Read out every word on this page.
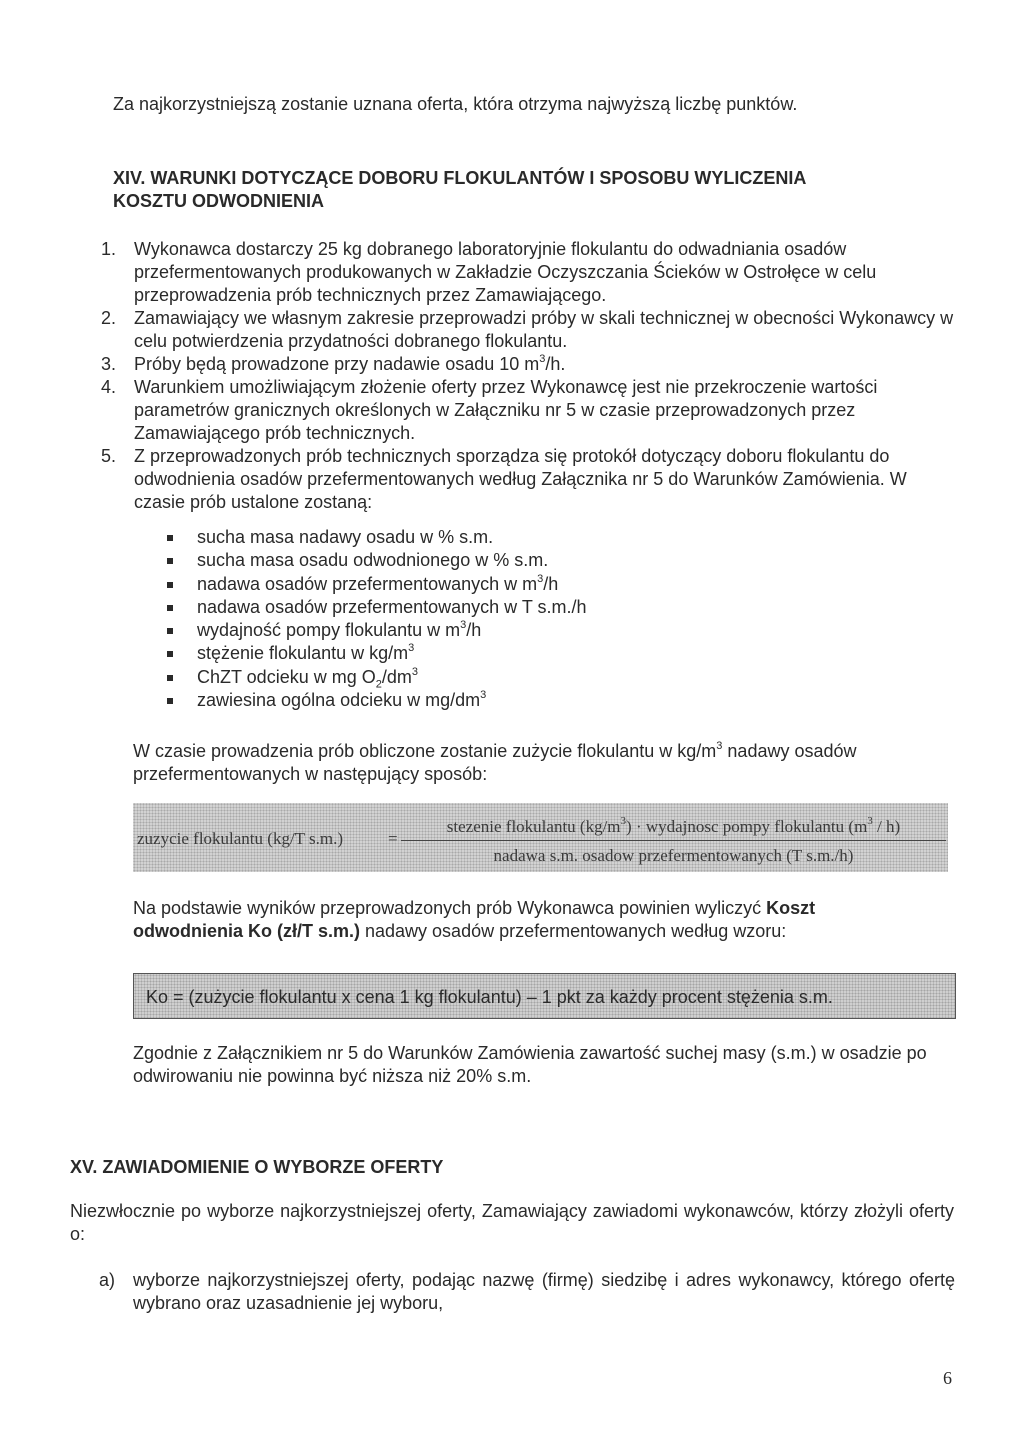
Za najkorzystniejszą zostanie uznana oferta, która otrzyma najwyższą liczbę punktów.
XIV. WARUNKI DOTYCZĄCE DOBORU FLOKULANTÓW I SPOSOBU WYLICZENIA
KOSZTU ODWODNIENIA
1. Wykonawca dostarczy 25 kg dobranego laboratoryjnie flokulantu do odwadniania osadów przefermentowanych produkowanych w Zakładzie Oczyszczania Ścieków w Ostrołęce w celu przeprowadzenia prób technicznych przez Zamawiającego.
2. Zamawiający we własnym zakresie przeprowadzi próby w skali technicznej w obecności Wykonawcy w celu potwierdzenia przydatności dobranego flokulantu.
3. Próby będą prowadzone przy nadawie osadu 10 $m^3/h$.
4. Warunkiem umożliwiającym złożenie oferty przez Wykonawcę jest nie przekroczenie wartości parametrów granicznych określonych w Załączniku nr 5 w czasie przeprowadzonych przez Zamawiającego prób technicznych.
5. Z przeprowadzonych prób technicznych sporządza się protokół dotyczący doboru flokulantu do odwodnienia osadów przefermentowanych według Załącznika nr 5 do Warunków Zamówienia. W czasie prób ustalone zostaną:
sucha masa nadawy osadu w % s.m.
sucha masa osadu odwodnionego w % s.m.
nadawa osadów przefermentowanych w $m^3/h$
nadawa osadów przefermentowanych w T s.m./h
wydajność pompy flokulantu w $m^3/h$
stężenie flokulantu w $kg/m^3$
ChZT odcieku w mg $O_2/dm^3$
zawiesina ogólna odcieku w $mg/dm^3$
W czasie prowadzenia prób obliczone zostanie zużycie flokulantu w $kg/m^3$ nadawy osadów przefermentowanych w następujący sposób:
zuzycie flokulantu (kg/T s.m.)	=
stezenie flokulantu $(kg/m^3)$ · wydajnosc pompy flokulantu $(m^3 / h)$
nadawa s.m. osadow przefermentowanych (T s.m./h)
Na podstawie wyników przeprowadzonych prób Wykonawca powinien wyliczyć Koszt
odwodnienia Ko (zł/T s.m.) nadawy osadów przefermentowanych według wzoru:
Ko = (zużycie flokulantu x cena 1 kg flokulantu) – 1 pkt za każdy procent stężenia s.m.
Zgodnie z Załącznikiem nr 5 do Warunków Zamówienia zawartość suchej masy (s.m.) w osadzie po odwirowaniu nie powinna być niższa niż 20% s.m.
XV. ZAWIADOMIENIE O WYBORZE OFERTY
Niezwłocznie po wyborze najkorzystniejszej oferty, Zamawiający zawiadomi wykonawców, którzy złożyli oferty o:
a) wyborze najkorzystniejszej oferty, podając nazwę (firmę) siedzibę i adres wykonawcy, którego ofertę wybrano oraz uzasadnienie jej wyboru,
6
